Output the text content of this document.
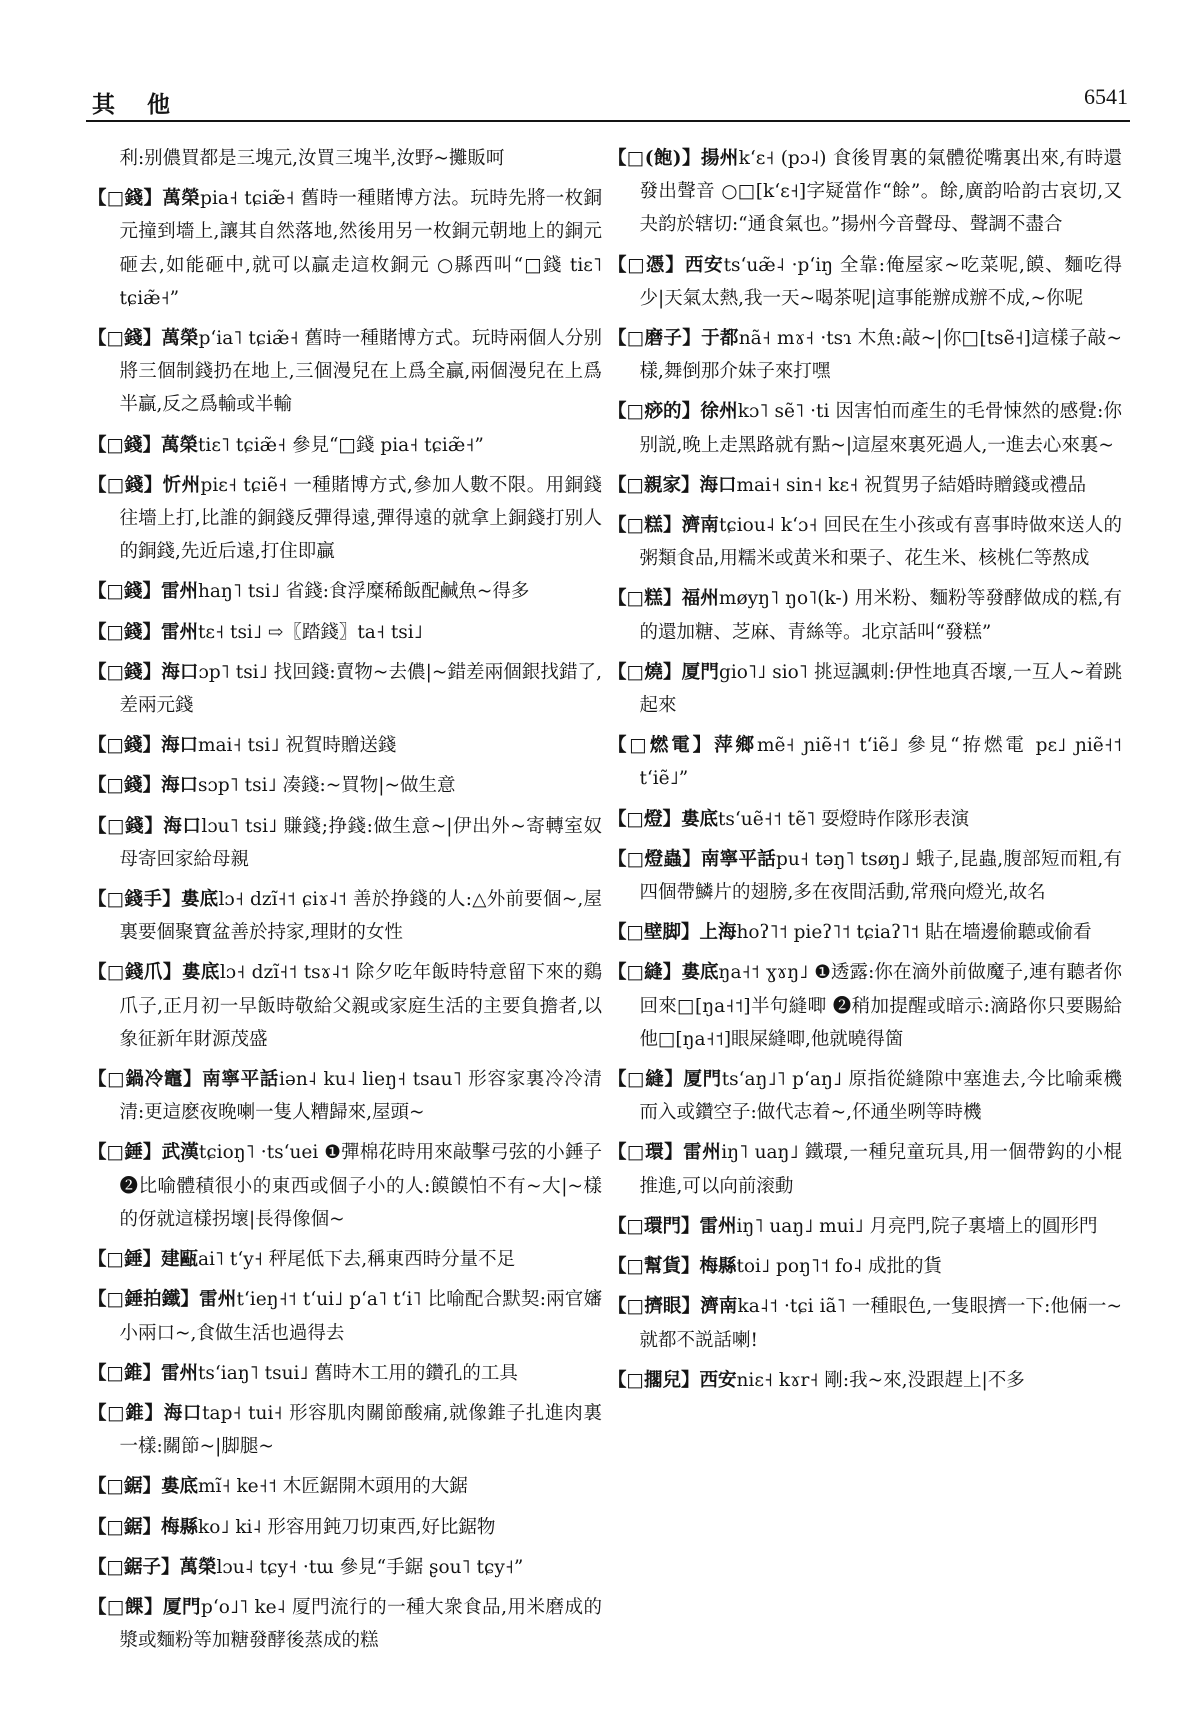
其 他	6541

利:别儂買都是三塊元,汝買三塊半,汝野~攤販呵

【□錢】萬榮pia˧ tɕiæ̃˧ 舊時一種賭博方法。玩時先將一枚銅元撞到墻上,讓其自然落地,然後用另一枚銅元朝地上的銅元砸去,如能砸中,就可以贏走這枚銅元 ○縣西叫“□錢 tiɛ˥ tɕiæ̃˧”

【□錢】萬榮pʻia˥ tɕiæ̃˧ 舊時一種賭博方式。玩時兩個人分别將三個制錢扔在地上,三個漫兒在上爲全贏,兩個漫兒在上爲半贏,反之爲輸或半輸

【□錢】萬榮tiɛ˥ tɕiæ̃˧ 參見“□錢 pia˧ tɕiæ̃˧”

【□錢】忻州piɛ˧ tɕiẽ˧ 一種賭博方式,參加人數不限。用銅錢往墻上打,比誰的銅錢反彈得遠,彈得遠的就拿上銅錢打别人的銅錢,先近后遠,打住即贏

【□錢】雷州haŋ˥ tsi˩ 省錢:食浮糜稀飯配鹹魚~得多

【□錢】雷州tɛ˧ tsi˩ ⇨〖踏錢〗ta˧ tsi˩

【□錢】海口ɔp˥ tsi˩ 找回錢:賣物~去儂|~錯差兩個銀找錯了,差兩元錢

【□錢】海口mai˧ tsi˩ 祝賀時贈送錢

【□錢】海口sɔp˥ tsi˩ 凑錢:~買物|~做生意

【□錢】海口lɔu˥ tsi˩ 賺錢;挣錢:做生意~|伊出外~寄轉室奴母寄回家給母親

【□錢手】婁底lɔ˧ dzĩ˧˦ ɕiɤ˨˦ 善於挣錢的人:△外前要個~,屋裏要個聚寶盆善於持家,理財的女性

【□錢爪】婁底lɔ˧ dzĩ˧˦ tsɤ˨˦ 除夕吃年飯時特意留下來的鷄爪子,正月初一早飯時敬給父親或家庭生活的主要負擔者,以象征新年財源茂盛

【□鍋冷竈】南寧平話iən˨ ku˨ lieŋ˧ tsau˥ 形容家裏冷冷清清:更這麽夜晚喇一隻人糟歸來,屋頭~

【□錘】武漢tɕioŋ˥ ·tsʻuei ❶彈棉花時用來敲擊弓弦的小錘子 ❷比喻體積很小的東西或個子小的人:饃饃怕不有~大|~樣的伢就這樣拐壞|長得像個~

【□錘】建甌ai˥ tʻy˧ 秤尾低下去,稱東西時分量不足

【□錘拍鐵】雷州tʻieŋ˧˦ tʻui˩ pʻa˥ tʻi˥ 比喻配合默契:兩官嬸小兩口~,食做生活也過得去

【□錐】雷州tsʻiaŋ˥ tsui˩ 舊時木工用的鑽孔的工具

【□錐】海口tap˧ tui˧ 形容肌肉關節酸痛,就像錐子扎進肉裏一樣:關節~|脚腿~

【□鋸】婁底mĩ˧ ke˧˦ 木匠鋸開木頭用的大鋸

【□鋸】梅縣ko˩ ki˨ 形容用鈍刀切東西,好比鋸物

【□鋸子】萬榮lɔu˨ tɕy˧ ·tɯ 參見“手鋸 ʂou˥ tɕy˧”

【□餜】厦門pʻo˩˥ ke˨ 厦門流行的一種大衆食品,用米磨成的漿或麵粉等加糖發酵後蒸成的糕

【□(飽)】揚州kʻɛ˧ (pɔ˨) 食後胃裏的氣體從嘴裏出來,有時還發出聲音 ○□[kʻɛ˧]字疑當作“餘”。餘,廣韵哈韵古哀切,又夬韵於辖切:“通食氣也。”揚州今音聲母、聲調不盡合

【□憑】西安tsʻuæ̃˨ ·pʻiŋ 全靠:俺屋家~吃菜呢,饃、麵吃得少|天氣太熱,我一天~喝茶呢|這事能辦成辦不成,~你呢

【□磨子】于都nã˧ mɤ˧ ·tsɿ 木魚:敲~|你□[tsẽ˧]這樣子敲~樣,舞倒那介妹子來打嘿

【□痧的】徐州kɔ˥ sẽ˥ ·ti 因害怕而產生的毛骨悚然的感覺:你别説,晚上走黑路就有點~|這屋來裏死過人,一進去心來裏~

【□親家】海口mai˧ sin˧ kɛ˧ 祝賀男子結婚時贈錢或禮品

【□糕】濟南tɕiou˨ kʻɔ˧ 回民在生小孩或有喜事時做來送人的粥類食品,用糯米或黄米和栗子、花生米、核桃仁等熬成

【□糕】福州møyŋ˥ ŋo˥(k-) 用米粉、麵粉等發酵做成的糕,有的還加糖、芝麻、青絲等。北京話叫“發糕”

【□燒】厦門gio˥˩ sio˥ 挑逗諷刺:伊性地真否壞,一互人~着跳起來

【□燃電】萍鄉mẽ˧ ɲiẽ˧˦ tʻiẽ˩ 參見“拵燃電 pɛ˩ ɲiẽ˧˦ tʻiẽ˩”

【□燈】婁底tsʻuẽ˧˦ tẽ˥ 耍燈時作隊形表演

【□燈蟲】南寧平話pu˧ təŋ˥ tsøŋ˩ 蛾子,昆蟲,腹部短而粗,有四個帶鱗片的翅膀,多在夜間活動,常飛向燈光,故名

【□壁脚】上海hoʔ˥˦ pieʔ˥˦ tɕiaʔ˥˦ 貼在墻邊偷聽或偷看

【□縫】婁底ŋa˧˦ ɣɤŋ˩ ❶透露:你在滴外前做魔子,連有聽者你回來□[ŋa˧˦]半句縫唧 ❷稍加提醒或暗示:滴路你只要賜給他□[ŋa˧˦]眼屎縫唧,他就曉得箇

【□縫】厦門tsʻaŋ˩˥ pʻaŋ˩ 原指從縫隙中塞進去,今比喻乘機而入或鑽空子:做代志着~,伓通坐咧等時機

【□環】雷州iŋ˥ uaŋ˩ 鐵環,一種兒童玩具,用一個帶鈎的小棍推進,可以向前滚動

【□環門】雷州iŋ˥ uaŋ˩ mui˩ 月亮門,院子裏墻上的圓形門

【□幫貨】梅縣toi˩ poŋ˥˦ fo˨ 成批的貨

【□擠眼】濟南ka˨˦ ·tɕi iã˥ 一種眼色,一隻眼擠一下:他倆一~就都不説話喇!

【□擱兒】西安niɛ˧ kɤr˧ 剛:我~來,没跟趕上|不多
